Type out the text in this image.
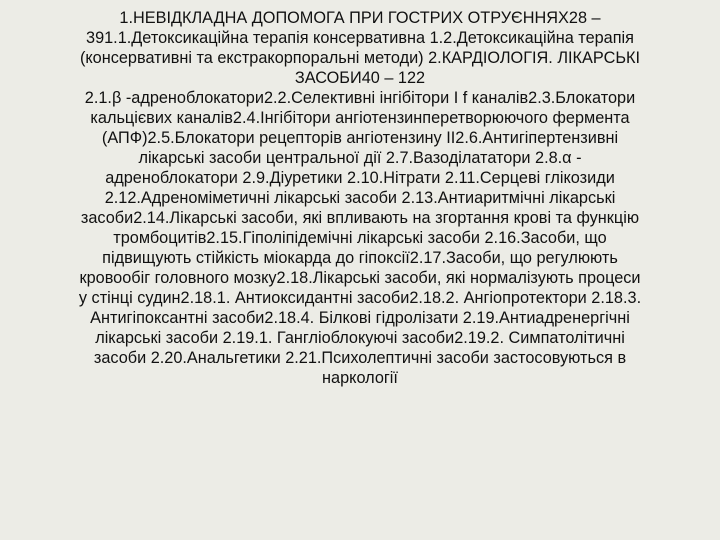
1.НЕВІДКЛАДНА ДОПОМОГА ПРИ ГОСТРИХ ОТРУЄННЯХ28 –
391.1.Детоксикаційна терапія консервативна 1.2.Детоксикаційна терапія
(консервативні та екстракорпоральні методи) 2.КАРДІОЛОГІЯ. ЛІКАРСЬКІ
ЗАСОБИ40 – 122
2.1.β -адреноблокатори2.2.Селективні інгібітори I f каналів2.3.Блокатори
кальцієвих каналів2.4.Інгібітори ангіотензинперетворюючого фермента
(АПФ)2.5.Блокатори рецепторів ангіотензину II2.6.Антигіпертензивні
лікарські засоби центральної дії 2.7.Вазоділататори 2.8.α -
адреноблокатори 2.9.Діуретики 2.10.Нітрати 2.11.Серцеві глікозиди
2.12.Адреноміметичні лікарські засоби 2.13.Антиаритмічні лікарські
засоби2.14.Лікарські засоби, які впливають на згортання крові та функцію
тромбоцитів2.15.Гіполіпідемічні лікарські засоби 2.16.Засоби, що
підвищують стійкість міокарда до гіпоксії2.17.Засоби, що регулюють
кровообіг головного мозку2.18.Лікарські засоби, які нормалізують процеси
у стінці судин2.18.1. Антиоксидантні засоби2.18.2. Ангіопротектори 2.18.3.
Антигіпоксантні засоби2.18.4. Білкові гідролізати 2.19.Антиадренергічні
лікарські засоби 2.19.1. Гангліоблокуючі засоби2.19.2. Симпатолітичні
засоби 2.20.Анальгетики 2.21.Психолептичні засоби застосовуються в
наркології
